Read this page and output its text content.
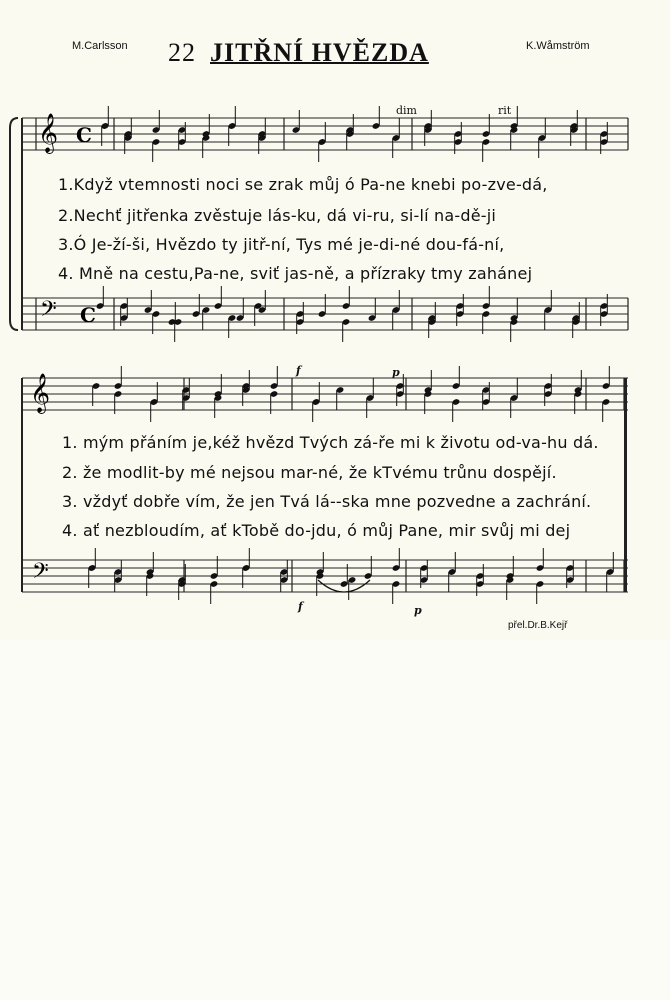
M.Carlsson	K.Wåmström
22 JITŘNÍ HVĚZDA
𝄞
𝄢
C
C
𝄞
𝄢
dim	rit
f	p
f	p
1.Když vtemnosti noci se zrak můj ó Pa-ne knebi po-zve-dá,
2.Nechť jitřenka zvěstuje lás-ku, dá vi-ru, si-lí na-dě-ji
3.Ó Je-ží-ši, Hvězdo ty jitř-ní, Tys mé je-di-né dou-fá-ní,
4. Mně na cestu,Pa-ne, sviť jas-ně, a přízraky tmy zahánej
1. mým přáním je,kéž hvězd Tvých zá-ře mi k životu od-va-hu dá.
2. že modlit-by mé nejsou mar-né, že kTvému trůnu dospějí.
3. vždyť dobře vím, že jen Tvá lá--ska mne pozvedne a zachrání.
4. ať nezbloudím, ať kTobě do-jdu, ó můj Pane, mir svůj mi dej
přel.Dr.B.Kejř
